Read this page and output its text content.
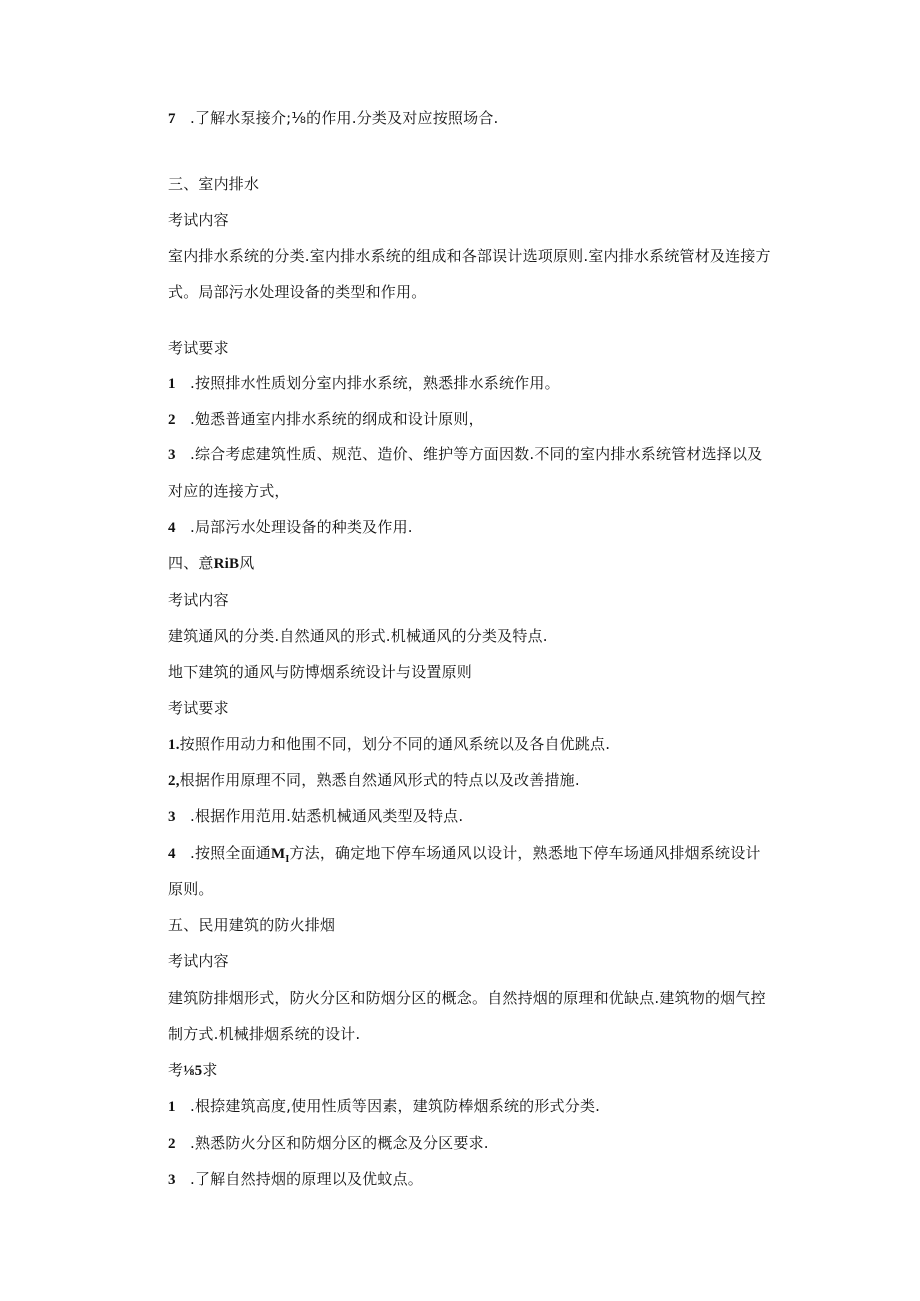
7 .了解水泵接介;⅛的作用.分类及对应按照场合.
三、室内排水
考试内容
室内排水系统的分类.室内排水系统的组成和各部误计选项原则.室内排水系统管材及连接方式。局部污水处理设备的类型和作用。
考试要求
1 .按照排水性质划分室内排水系统，熟悉排水系统作用。
2 .勉悉普通室内排水系统的纲成和设计原则，
3 .综合考虑建筑性质、规范、造价、维护等方面因数.不同的室内排水系统管材选择以及
对应的连接方式，
4 .局部污水处理设备的种类及作用.
四、意RiB风
考试内容
建筑通风的分类.自然通风的形式.机械通风的分类及特点.
地下建筑的通风与防博烟系统设计与设置原则
考试要求
1.按照作用动力和他围不同，划分不同的通风系统以及各自优跳点.
2,根据作用原理不同，熟悉自然通风形式的特点以及改善措施.
3 .根据作用范用.姑悉机械通风类型及特点.
4 .按照全面通$M_I$方法，确定地下停车场通风以设计，熟悉地下停车场通风排烟系统设计
原则。
五、民用建筑的防火排烟
考试内容
建筑防排烟形式，防火分区和防烟分区的概念。自然持烟的原理和优缺点.建筑物的烟气控制方式.机械排烟系统的设计.
考⅛5求
1 .根捺建筑高度,使用性质等因素，建筑防棒烟系统的形式分类.
2 .熟悉防火分区和防烟分区的概念及分区要求.
3 .了解自然持烟的原理以及优蚊点。
